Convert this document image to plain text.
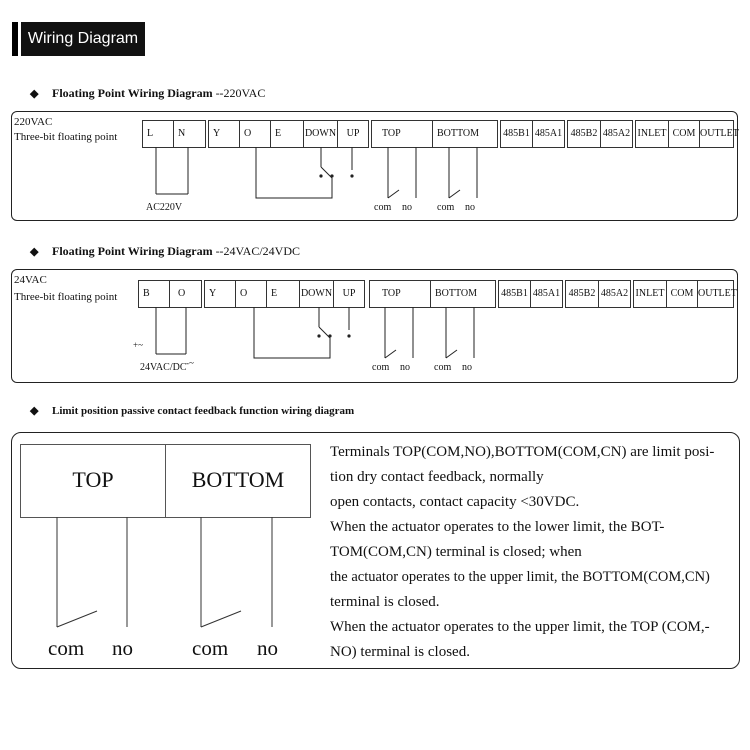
Wiring Diagram
◆ Floating Point Wiring Diagram --220VAC
220VAC
Three-bit floating point	L	N	Y	O	E	DOWN	UP	TOP	BOTTOM	485B1 485A1 485B2 485A2 INLET COM OUTLET
AC220V	com no	com no
◆ Floating Point Wiring Diagram --24VAC/24VDC
24VAC
Three-bit floating point	B	O	Y	O	E	DOWN	UP	TOP	BOTTOM	485B1 485A1 485B2 485A2 INLET COM OUTLET
+~
24VAC/DC -~	com no com no
◆ Limit position passive contact feedback function wiring diagram
TOP	BOTTOM
com no	com no

Terminals TOP(COM,NO),BOTTOM(COM,CN) are limit posi-

tion dry contact feedback, normally

open contacts, contact capacity <30VDC.

When the actuator operates to the lower limit, the BOT-

TOM(COM,CN) terminal is closed; when

the actuator operates to the upper limit, the BOTTOM(COM,CN)

terminal is closed.

When the actuator operates to the upper limit, the TOP (COM,-

NO) terminal is closed.
